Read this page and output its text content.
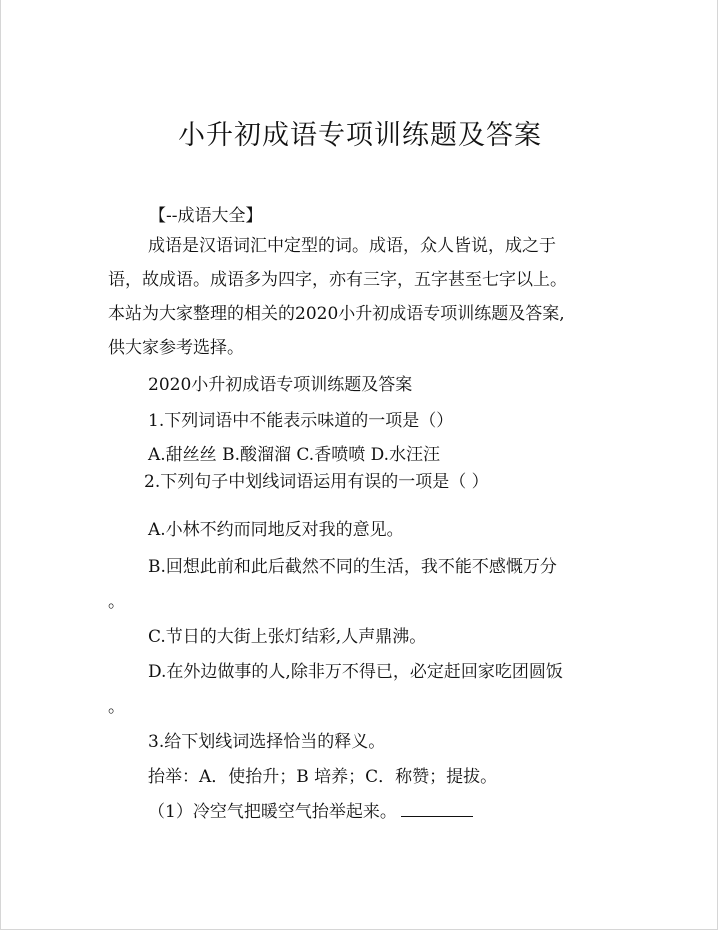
小升初成语专项训练题及答案
【--成语大全】
成语是汉语词汇中定型的词。成语，众人皆说，成之于
语，故成语。成语多为四字，亦有三字，五字甚至七字以上。
本站为大家整理的相关的2020小升初成语专项训练题及答案,
供大家参考选择。
2020小升初成语专项训练题及答案
1.下列词语中不能表示味道的一项是（）
A.甜丝丝 B.酸溜溜 C.香喷喷 D.水汪汪
2.下列句子中划线词语运用有误的一项是（ ）
A.小林不约而同地反对我的意见。
B.回想此前和此后截然不同的生活，我不能不感慨万分
。
C.节日的大街上张灯结彩,人声鼎沸。
D.在外边做事的人,除非万不得已，必定赶回家吃团圆饭
。
3.给下划线词选择恰当的释义。
抬举：A．使抬升；B 培养；C．称赞；提拔。
（1）冷空气把暖空气抬举起来。
